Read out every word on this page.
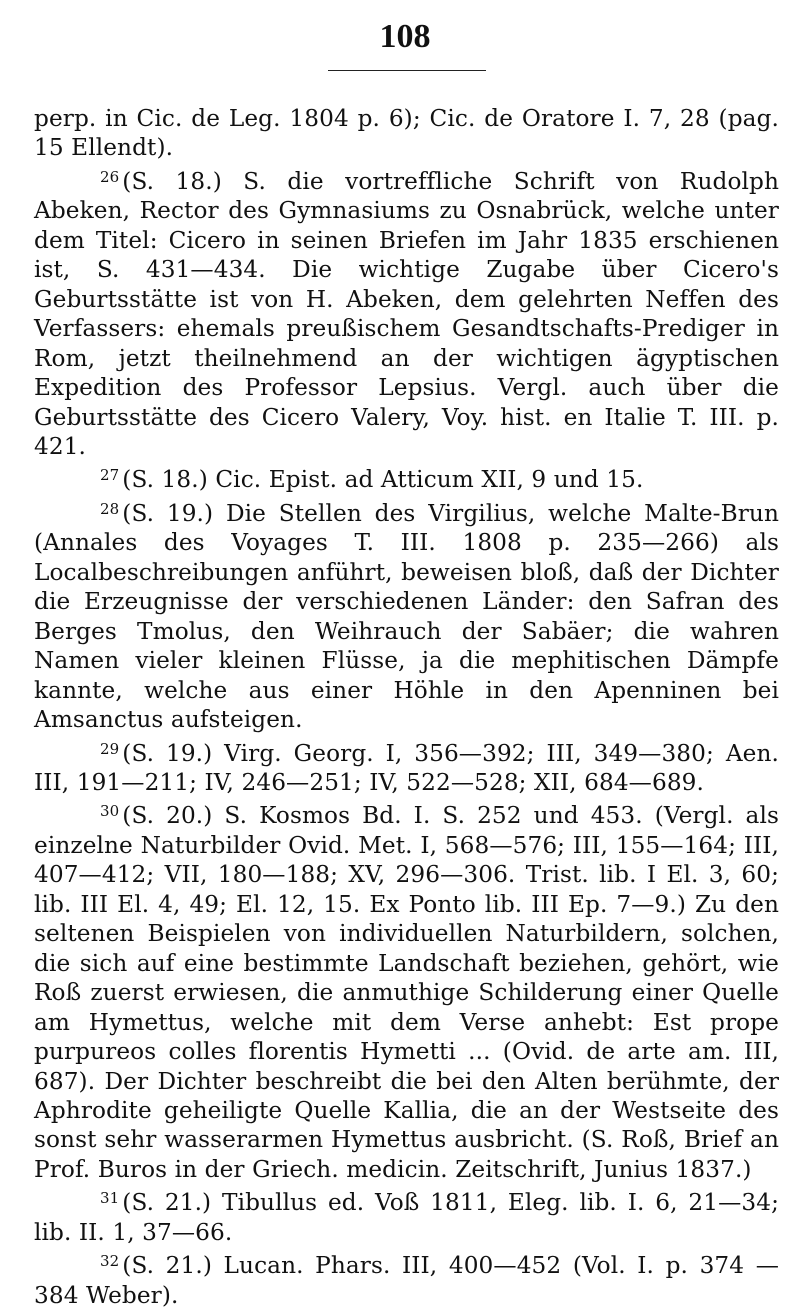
108

perp. in Cic. de Leg. 1804 p. 6); Cic. de Oratore I. 7, 28 (pag. 15 Ellendt).

$^{26}$ (S. 18.) S. die vortreffliche Schrift von Rudolph Abeken, Rector des Gymnasiums zu Osnabrück, welche unter dem Titel: Cicero in seinen Briefen im Jahr 1835 erschienen ist, S. 431—434. Die wichtige Zugabe über Cicero's Geburtsstätte ist von H. Abeken, dem gelehrten Neffen des Verfassers: ehemals preußischem Gesandtschafts-Prediger in Rom, jetzt theilnehmend an der wichtigen ägyptischen Expedition des Professor Lepsius. Vergl. auch über die Geburtsstätte des Cicero Valery, Voy. hist. en Italie T. III. p. 421.

$^{27}$ (S. 18.) Cic. Epist. ad Atticum XII, 9 und 15.

$^{28}$ (S. 19.) Die Stellen des Virgilius, welche Malte-Brun (Annales des Voyages T. III. 1808 p. 235—266) als Localbeschreibungen anführt, beweisen bloß, daß der Dichter die Erzeugnisse der verschiedenen Länder: den Safran des Berges Tmolus, den Weihrauch der Sabäer; die wahren Namen vieler kleinen Flüsse, ja die mephitischen Dämpfe kannte, welche aus einer Höhle in den Apenninen bei Amsanctus aufsteigen.

$^{29}$ (S. 19.) Virg. Georg. I, 356—392; III, 349—380; Aen. III, 191—211; IV, 246—251; IV, 522—528; XII, 684—689.

$^{30}$ (S. 20.) S. Kosmos Bd. I. S. 252 und 453. (Vergl. als einzelne Naturbilder Ovid. Met. I, 568—576; III, 155—164; III, 407—412; VII, 180—188; XV, 296—306. Trist. lib. I El. 3, 60; lib. III El. 4, 49; El. 12, 15. Ex Ponto lib. III Ep. 7—9.) Zu den seltenen Beispielen von individuellen Naturbildern, solchen, die sich auf eine bestimmte Landschaft beziehen, gehört, wie Roß zuerst erwiesen, die anmuthige Schilderung einer Quelle am Hymettus, welche mit dem Verse anhebt: Est prope purpureos colles florentis Hymetti ... (Ovid. de arte am. III, 687). Der Dichter beschreibt die bei den Alten berühmte, der Aphrodite geheiligte Quelle Kallia, die an der Westseite des sonst sehr wasserarmen Hymettus ausbricht. (S. Roß, Brief an Prof. Buros in der Griech. medicin. Zeitschrift, Junius 1837.)

$^{31}$ (S. 21.) Tibullus ed. Voß 1811, Eleg. lib. I. 6, 21—34; lib. II. 1, 37—66.

$^{32}$ (S. 21.) Lucan. Phars. III, 400—452 (Vol. I. p. 374 —384 Weber).
